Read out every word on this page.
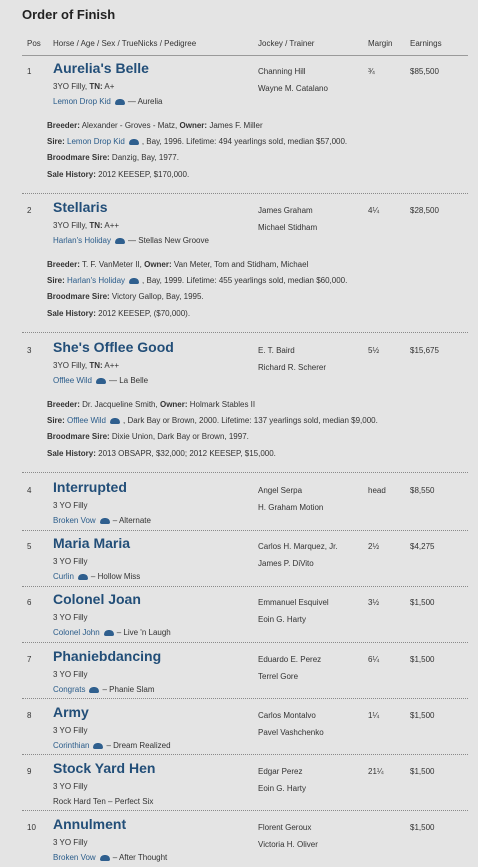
Order of Finish
Pos Horse / Age / Sex / TrueNicks / Pedigree	Jockey / Trainer	Margin Earnings
1 Aurelia's Belle
3YO Filly, TN: A+
Lemon Drop Kid — Aurelia
Channing Hill
Wayne M. Catalano
¾	$85,500
Breeder: Alexander - Groves - Matz, Owner: James F. Miller
Sire: Lemon Drop Kid , Bay, 1996. Lifetime: 494 yearlings sold, median $57,000.
Broodmare Sire: Danzig, Bay, 1977.
Sale History: 2012 KEESEP, $170,000.
2 Stellaris
3YO Filly, TN: A++
Harlan's Holiday — Stellas New Groove
James Graham
Michael Stidham
4¼	$28,500
Breeder: T. F. VanMeter II, Owner: Van Meter, Tom and Stidham, Michael
Sire: Harlan's Holiday , Bay, 1999. Lifetime: 455 yearlings sold, median $60,000.
Broodmare Sire: Victory Gallop, Bay, 1995.
Sale History: 2012 KEESEP, ($70,000).
3 She's Offlee Good
3YO Filly, TN: A++
Offlee Wild — La Belle
E. T. Baird
Richard R. Scherer
5½	$15,675
Breeder: Dr. Jacqueline Smith, Owner: Holmark Stables II
Sire: Offlee Wild , Dark Bay or Brown, 2000. Lifetime: 137 yearlings sold, median $9,000.
Broodmare Sire: Dixie Union, Dark Bay or Brown, 1997.
Sale History: 2013 OBSAPR, $32,000; 2012 KEESEP, $15,000.
4 Interrupted
3 YO Filly
Broken Vow – Alternate
Angel Serpa
H. Graham Motion
head	$8,550
5 Maria Maria
3 YO Filly
Curlin – Hollow Miss
Carlos H. Marquez, Jr.
James P. DiVito
2½	$4,275
6 Colonel Joan
3 YO Filly
Colonel John – Live 'n Laugh
Emmanuel Esquivel
Eoin G. Harty
3½	$1,500
7 Phaniebdancing
3 YO Filly
Congrats – Phanie Slam
Eduardo E. Perez
Terrel Gore
6¼	$1,500
8 Army
3 YO Filly
Corinthian – Dream Realized
Carlos Montalvo
Pavel Vashchenko
1¼	$1,500
9 Stock Yard Hen
3 YO Filly
Rock Hard Ten – Perfect Six
Edgar Perez
Eoin G. Harty
21¼	$1,500
10 Annulment
3 YO Filly
Broken Vow – After Thought
Florent Geroux
Victoria H. Oliver
$1,500
